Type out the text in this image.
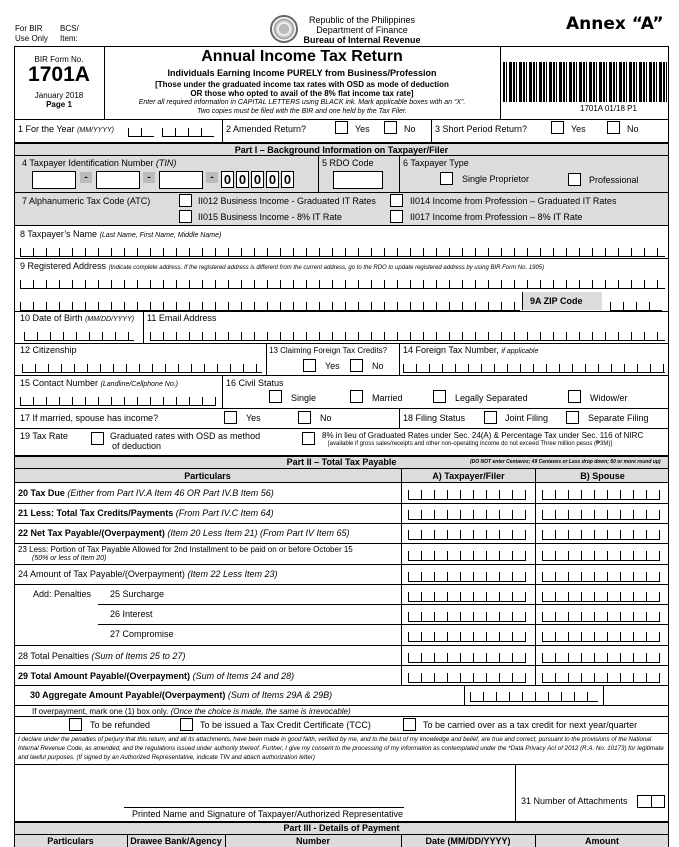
For BIR
Use Only
BCS/
Item:
Republic of the Philippines
Department of Finance
Bureau of Internal Revenue
Annex “A”
BIR Form No.
1701A
January 2018
Page 1
Annual Income Tax Return
Individuals Earning Income PURELY from Business/Profession
[Those under the graduated income tax rates with OSD as mode of deduction
OR those who opted to avail of the 8% flat income tax rate]
Enter all required information in CAPITAL LETTERS using BLACK ink. Mark applicable boxes with an “X”.
Two copies must be filed with the BIR and one held by the Tax Filer.	1701A 01/18 P1
1 For the Year (MM/YYYY)	2 Amended Return?	Yes	No 3 Short Period Return?	Yes	No
Part I – Background Information on Taxpayer/Filer
4 Taxpayer Identification Number (TIN)
-	-	- 0 0 0 0 0
5 RDO Code	6 Taxpayer Type
Single Proprietor	Professional
7 Alphanumeric Tax Code (ATC)	II012 Business Income - Graduated IT Rates	II014 Income from Profession – Graduated IT Rates
II015 Business Income - 8% IT Rate	II017 Income from Profession – 8% IT Rate
8 Taxpayer’s Name (Last Name, First Name, Middle Name)
9 Registered Address (Indicate complete address. If the registered address is different from the current address, go to the RDO to update registered address by using BIR Form No. 1905)
9A ZIP Code
10 Date of Birth (MM/DD/YYYY) 11 Email Address
12 Citizenship	13 Claiming Foreign Tax Credits?
Yes	No
14 Foreign Tax Number, if applicable
15 Contact Number (Landline/Cellphone No.)	16 Civil Status
Single	Married	Legally Separated	Widow/er
17 If married, spouse has income?	Yes	No	18 Filing Status	Joint Filing	Separate Filing
19 Tax Rate	Graduated rates with OSD as method
of deduction
8% in lieu of Graduated Rates under Sec. 24(A) & Percentage Tax under Sec. 116 of NIRC
[available if gross sales/receipts and other non-operating income do not exceed Three million pesos (₱3M)]
Part II – Total Tax Payable	(DO NOT enter Centavos; 49 Centavos or Less drop down; 50 or more round up)
Particulars	A) Taxpayer/Filer	B) Spouse
20 Tax Due (Either from Part IV.A Item 46 OR Part IV.B Item 56)
21 Less: Total Tax Credits/Payments (From Part IV.C Item 64)
22 Net Tax Payable/(Overpayment) (Item 20 Less Item 21) (From Part IV Item 65)
23 Less: Portion of Tax Payable Allowed for 2nd Installment to be paid on or before October 15
(50% or less of Item 20)
24 Amount of Tax Payable/(Overpayment) (Item 22 Less Item 23)
Add: Penalties 25 Surcharge
26 Interest
27 Compromise
28 Total Penalties (Sum of Items 25 to 27)
29 Total Amount Payable/(Overpayment) (Sum of Items 24 and 28)
30 Aggregate Amount Payable/(Overpayment) (Sum of Items 29A & 29B)
If overpayment, mark one (1) box only. (Once the choice is made, the same is irrevocable)
To be refunded	To be issued a Tax Credit Certificate (TCC)	To be carried over as a tax credit for next year/quarter
I declare under the penalties of perjury that this return, and all its attachments, have been made in good faith, verified by me, and to the best of my knowledge and belief, are true and correct, pursuant to the provisions of the National Internal Revenue Code, as amended, and the regulations issued under authority thereof. Further, I give my consent to the processing of my information as contemplated under the *Data Privacy Act of 2012 (R.A. No. 10173) for legitimate and lawful purposes. (If signed by an Authorized Representative, indicate TIN and attach authorization letter)
Printed Name and Signature of Taxpayer/Authorized Representative
31 Number of Attachments
Part III - Details of Payment
Particulars	Drawee Bank/Agency	Number	Date (MM/DD/YYYY)	Amount
